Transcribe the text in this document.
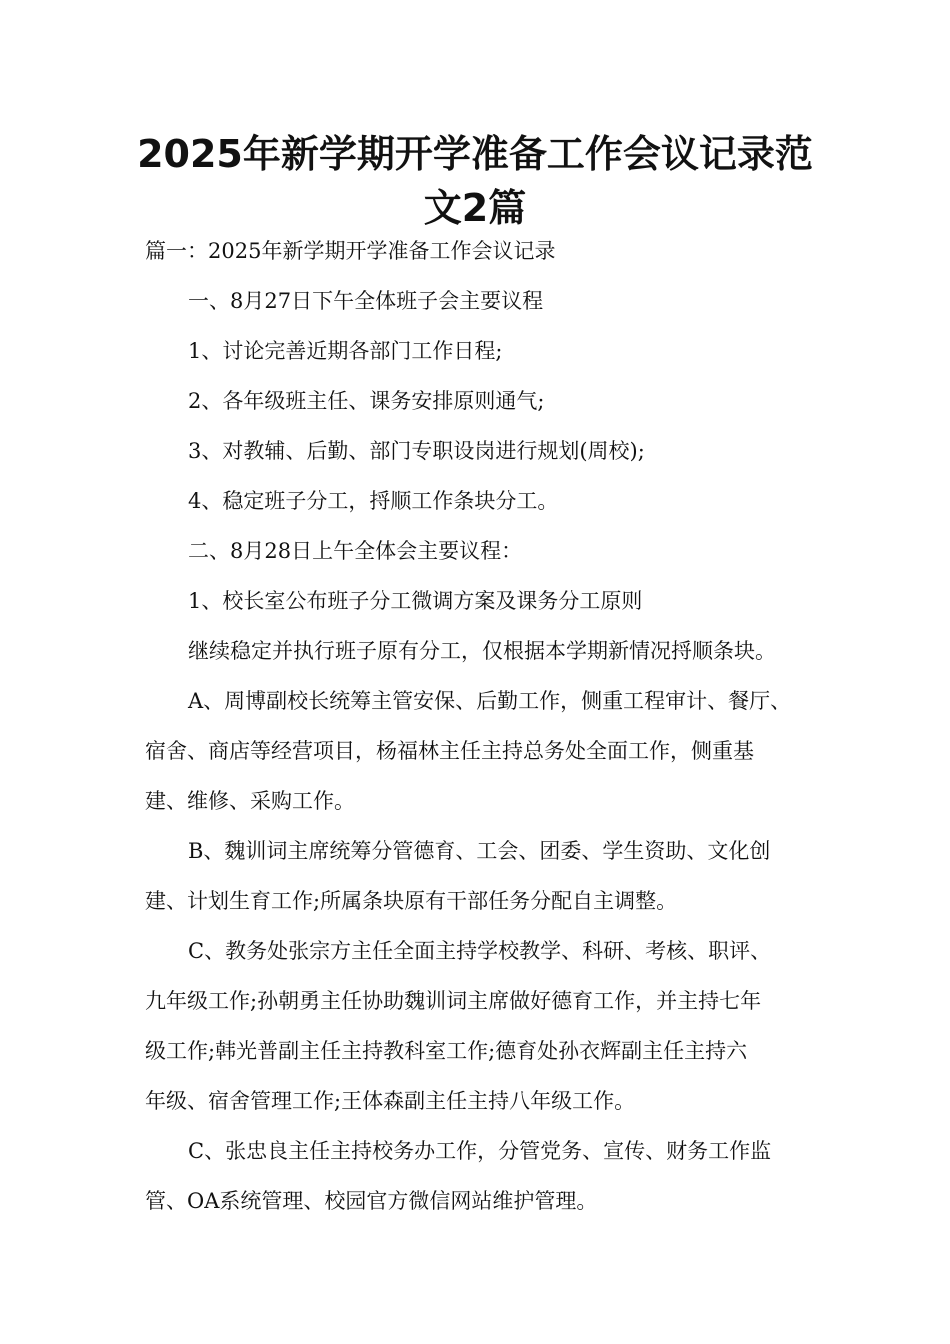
2025年新学期开学准备工作会议记录范
文2篇

篇一：2025年新学期开学准备工作会议记录

一、8月27日下午全体班子会主要议程

1、讨论完善近期各部门工作日程;

2、各年级班主任、课务安排原则通气;

3、对教辅、后勤、部门专职设岗进行规划(周校);

4、稳定班子分工，捋顺工作条块分工。

二、8月28日上午全体会主要议程：

1、校长室公布班子分工微调方案及课务分工原则

继续稳定并执行班子原有分工，仅根据本学期新情况捋顺条块。

A、周博副校长统筹主管安保、后勤工作，侧重工程审计、餐厅、

宿舍、商店等经营项目，杨福林主任主持总务处全面工作，侧重基

建、维修、采购工作。

B、魏训词主席统筹分管德育、工会、团委、学生资助、文化创

建、计划生育工作;所属条块原有干部任务分配自主调整。

C、教务处张宗方主任全面主持学校教学、科研、考核、职评、

九年级工作;孙朝勇主任协助魏训词主席做好德育工作，并主持七年

级工作;韩光普副主任主持教科室工作;德育处孙衣辉副主任主持六

年级、宿舍管理工作;王体森副主任主持八年级工作。

C、张忠良主任主持校务办工作，分管党务、宣传、财务工作监

管、OA系统管理、校园官方微信网站维护管理。
